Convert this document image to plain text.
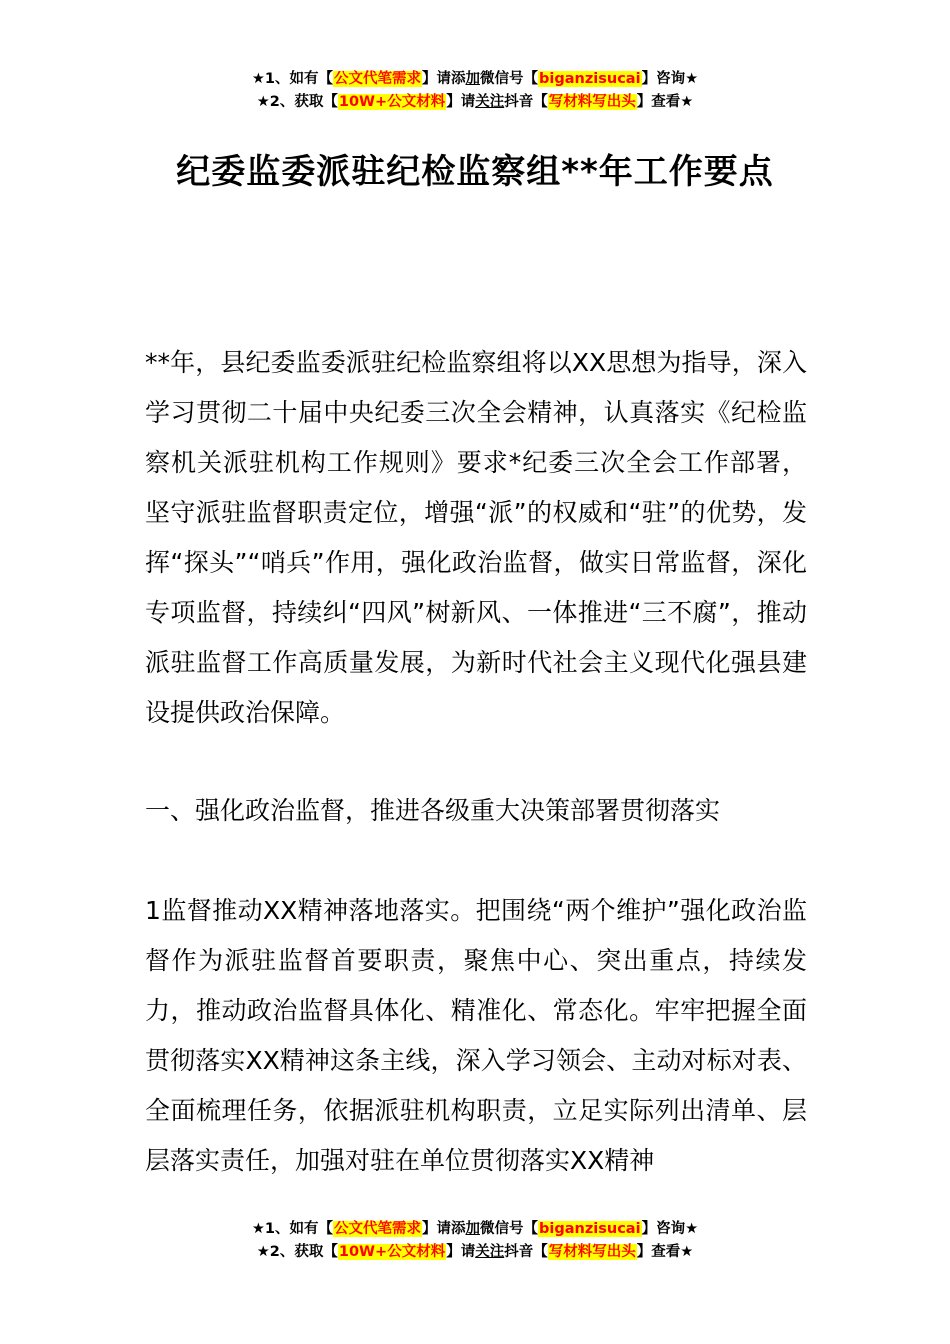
★1、如有【公文代笔需求】请添加微信号【biganzisucai】咨询★
★2、获取【10W+公文材料】请关注抖音【写材料写出头】查看★
纪委监委派驻纪检监察组**年工作要点

**年，县纪委监委派驻纪检监察组将以XX思想为指导，深入学习贯彻二十届中央纪委三次全会精神，认真落实《纪检监察机关派驻机构工作规则》要求*纪委三次全会工作部署，坚守派驻监督职责定位，增强“派”的权威和“驻”的优势，发挥“探头”“哨兵”作用，强化政治监督，做实日常监督，深化专项监督，持续纠“四风”树新风、一体推进“三不腐”，推动派驻监督工作高质量发展，为新时代社会主义现代化强县建设提供政治保障。

一、强化政治监督，推进各级重大决策部署贯彻落实

1监督推动XX精神落地落实。把围绕“两个维护”强化政治监督作为派驻监督首要职责，聚焦中心、突出重点，持续发力，推动政治监督具体化、精准化、常态化。牢牢把握全面贯彻落实XX精神这条主线，深入学习领会、主动对标对表、全面梳理任务，依据派驻机构职责，立足实际列出清单、层层落实责任，加强对驻在单位贯彻落实XX精神

★1、如有【公文代笔需求】请添加微信号【biganzisucai】咨询★
★2、获取【10W+公文材料】请关注抖音【写材料写出头】查看★
